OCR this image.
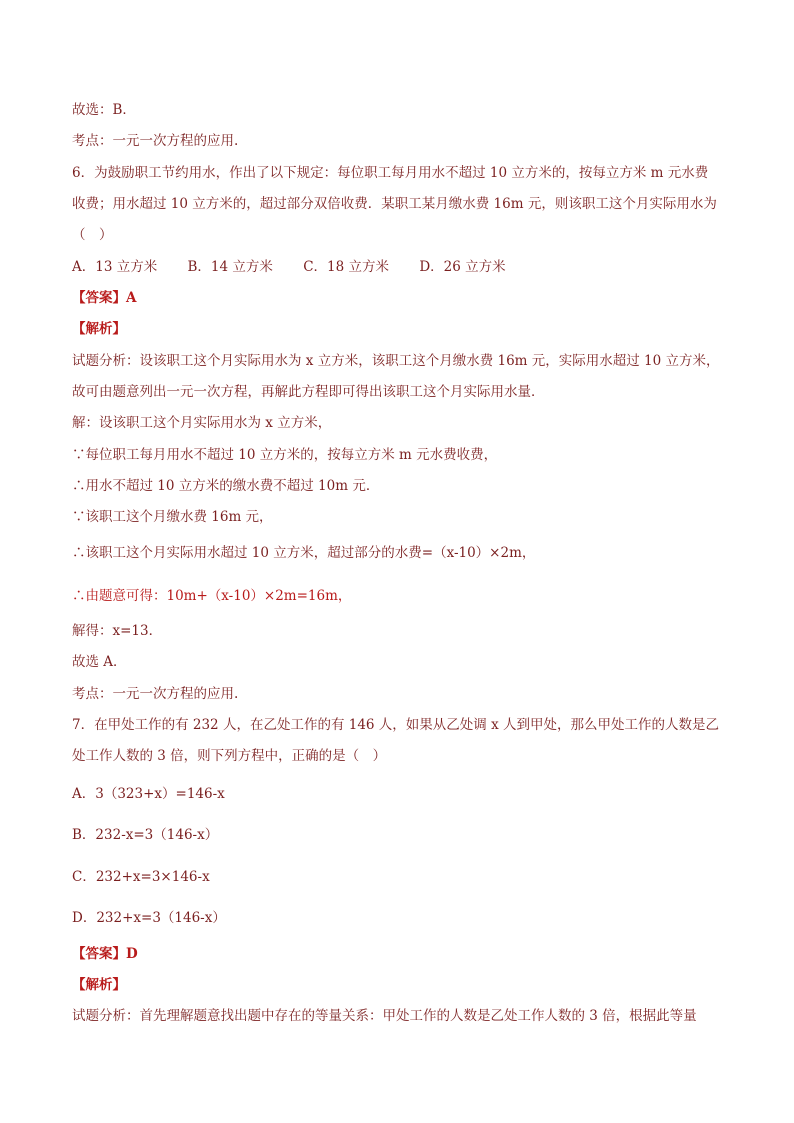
故选：B．
考点：一元一次方程的应用.
6．为鼓励职工节约用水，作出了以下规定：每位职工每月用水不超过 10 立方米的，按每立方米 m 元水费
收费；用水超过 10 立方米的，超过部分双倍收费．某职工某月缴水费 16m 元，则该职工这个月实际用水为
（　）
A．13 立方米 B．14 立方米 C．18 立方米 D．26 立方米
【答案】A
【解析】
试题分析：设该职工这个月实际用水为 x 立方米，该职工这个月缴水费 16m 元，实际用水超过 10 立方米，
故可由题意列出一元一次方程，再解此方程即可得出该职工这个月实际用水量．
解：设该职工这个月实际用水为 x 立方米，
∵每位职工每月用水不超过 10 立方米的，按每立方米 m 元水费收费，
∴用水不超过 10 立方米的缴水费不超过 10m 元．
∵该职工这个月缴水费 16m 元，
∴该职工这个月实际用水超过 10 立方米，超过部分的水费=（x-10）×2m，
∴由题意可得：10m+（x-10）×2m=16m，
解得：x=13．
故选 A．
考点：一元一次方程的应用.
7．在甲处工作的有 232 人，在乙处工作的有 146 人，如果从乙处调 x 人到甲处，那么甲处工作的人数是乙
处工作人数的 3 倍，则下列方程中，正确的是（　）
A．3（323+x）=146-x
B．232-x=3（146-x）
C．232+x=3×146-x
D．232+x=3（146-x）
【答案】D
【解析】
试题分析：首先理解题意找出题中存在的等量关系：甲处工作的人数是乙处工作人数的 3 倍，根据此等量
